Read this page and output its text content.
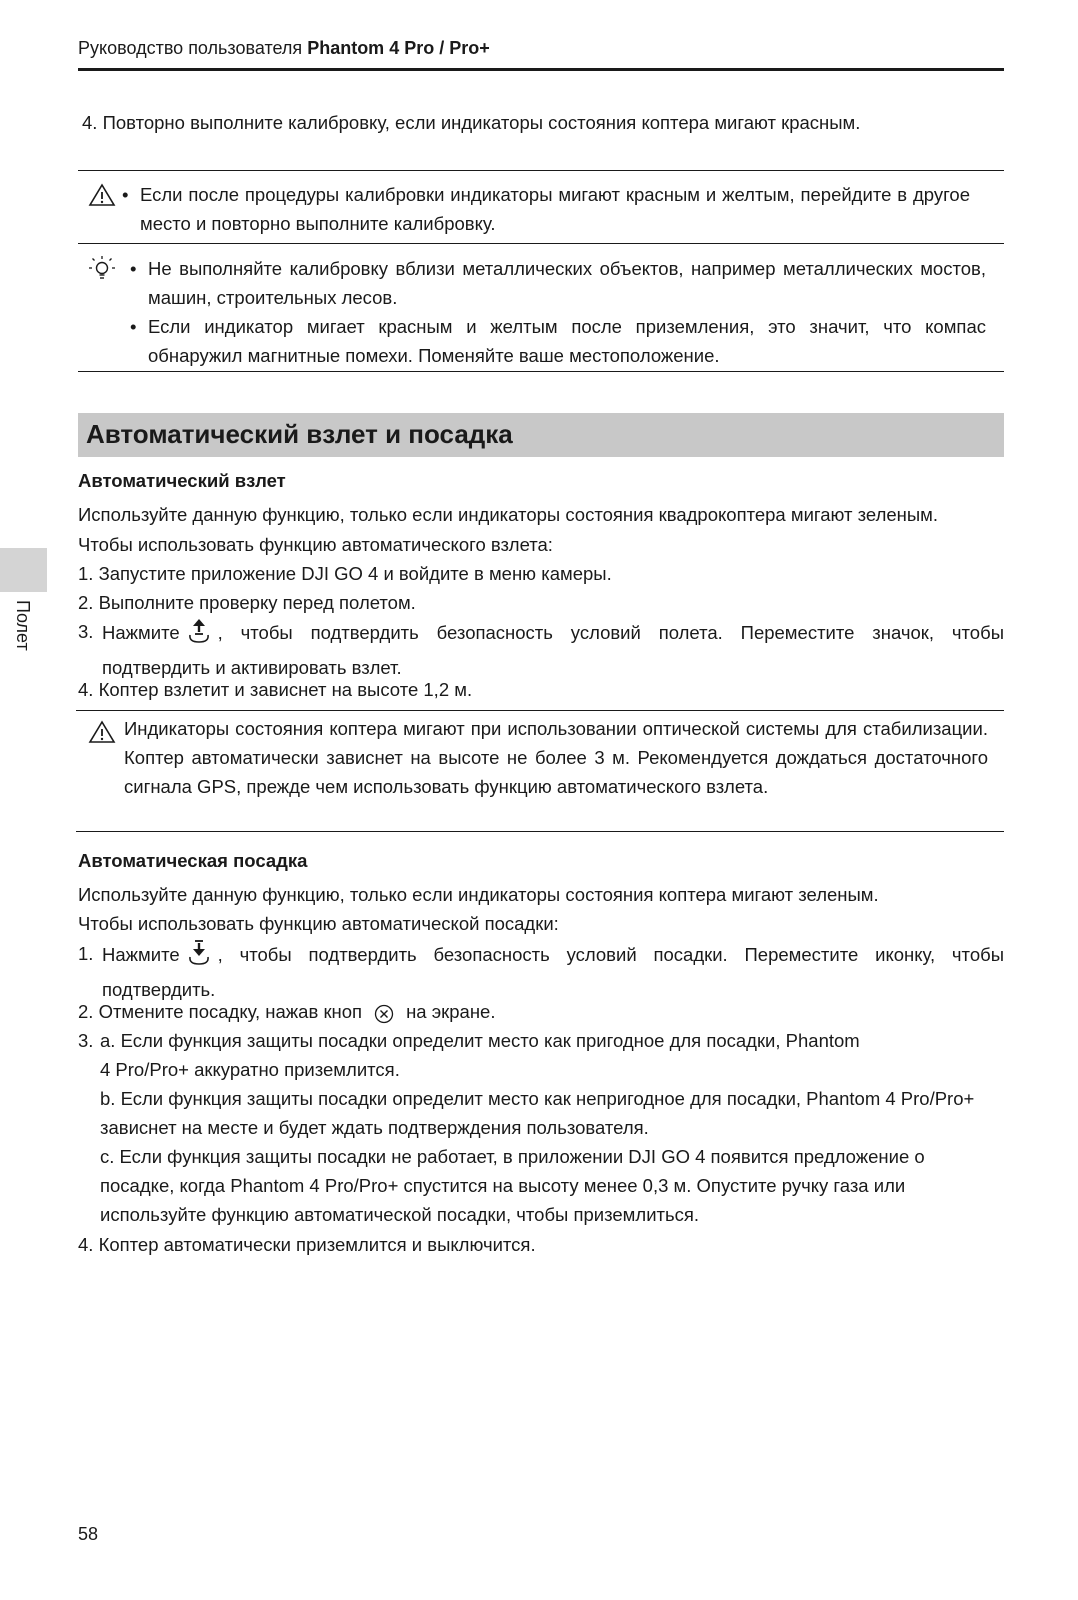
Руководство пользователя Phantom 4 Pro / Pro+
4. Повторно выполните калибровку, если индикаторы состояния коптера мигают красным.
• Если после процедуры калибровки индикаторы мигают красным и желтым, перейдите в другое место и повторно выполните калибровку.
• Не выполняйте калибровку вблизи металлических объектов, например металлических мостов, машин, строительных лесов.
• Если индикатор мигает красным и желтым после приземления, это значит, что компас обнаружил магнитные помехи. Поменяйте ваше местоположение.
Автоматический взлет и посадка
Автоматический взлет
Используйте данную функцию, только если индикаторы состояния квадрокоптера мигают зеленым.
Чтобы использовать функцию автоматического взлета:
1. Запустите приложение DJI GO 4 и войдите в меню камеры.
2. Выполните проверку перед полетом.
3. Нажмите , чтобы подтвердить безопасность условий полета. Переместите значок, чтобы подтвердить и активировать взлет.
4. Коптер взлетит и зависнет на высоте 1,2 м.
Индикаторы состояния коптера мигают при использовании оптической системы для стабилизации. Коптер автоматически зависнет на высоте не более 3 м. Рекомендуется дождаться достаточного сигнала GPS, прежде чем использовать функцию автоматического взлета.
Автоматическая посадка
Используйте данную функцию, только если индикаторы состояния коптера мигают зеленым.
Чтобы использовать функцию автоматической посадки:
1. Нажмите , чтобы подтвердить безопасность условий посадки. Переместите иконку, чтобы подтвердить.
2. Отмените посадку, нажав кноп на экране.
3. a. Если функция защиты посадки определит место как пригодное для посадки, Phantom 4 Pro/Pro+ аккуратно приземлится.
b. Если функция защиты посадки определит место как непригодное для посадки, Phantom 4 Pro/Pro+ зависнет на месте и будет ждать подтверждения пользователя.
c. Если функция защиты посадки не работает, в приложении DJI GO 4 появится предложение о посадке, когда Phantom 4 Pro/Pro+ спустится на высоту менее 0,3 м. Опустите ручку газа или используйте функцию автоматической посадки, чтобы приземлиться.
4. Коптер автоматически приземлится и выключится.
Полет
58
